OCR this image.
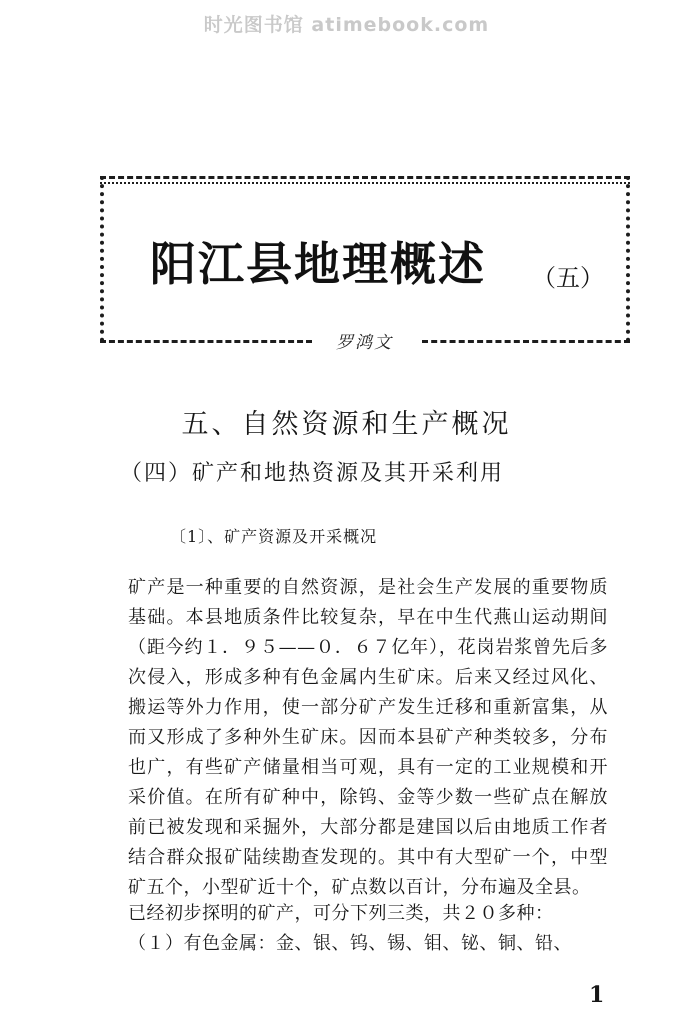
时光图书馆 atimebook.com
阳江县地理概述 （五）
罗鸿文
五、自然资源和生产概况
（四）矿产和地热资源及其开采利用
〔1〕、矿产资源及开采概况

矿产是一种重要的自然资源，是社会生产发展的重要物质基础。本县地质条件比较复杂，早在中生代燕山运动期间（距今约１．９５——０．６７亿年），花岗岩浆曾先后多次侵入，形成多种有色金属内生矿床。后来又经过风化、搬运等外力作用，使一部分矿产发生迁移和重新富集，从而又形成了多种外生矿床。因而本县矿产种类较多，分布也广，有些矿产储量相当可观，具有一定的工业规模和开采价值。在所有矿种中，除钨、金等少数一些矿点在解放前已被发现和采掘外，大部分都是建国以后由地质工作者结合群众报矿陆续勘查发现的。其中有大型矿一个，中型矿五个，小型矿近十个，矿点数以百计，分布遍及全县。

已经初步探明的矿产，可分下列三类，共２０多种：

（１）有色金属：金、银、钨、锡、钼、铋、铜、铅、

1
